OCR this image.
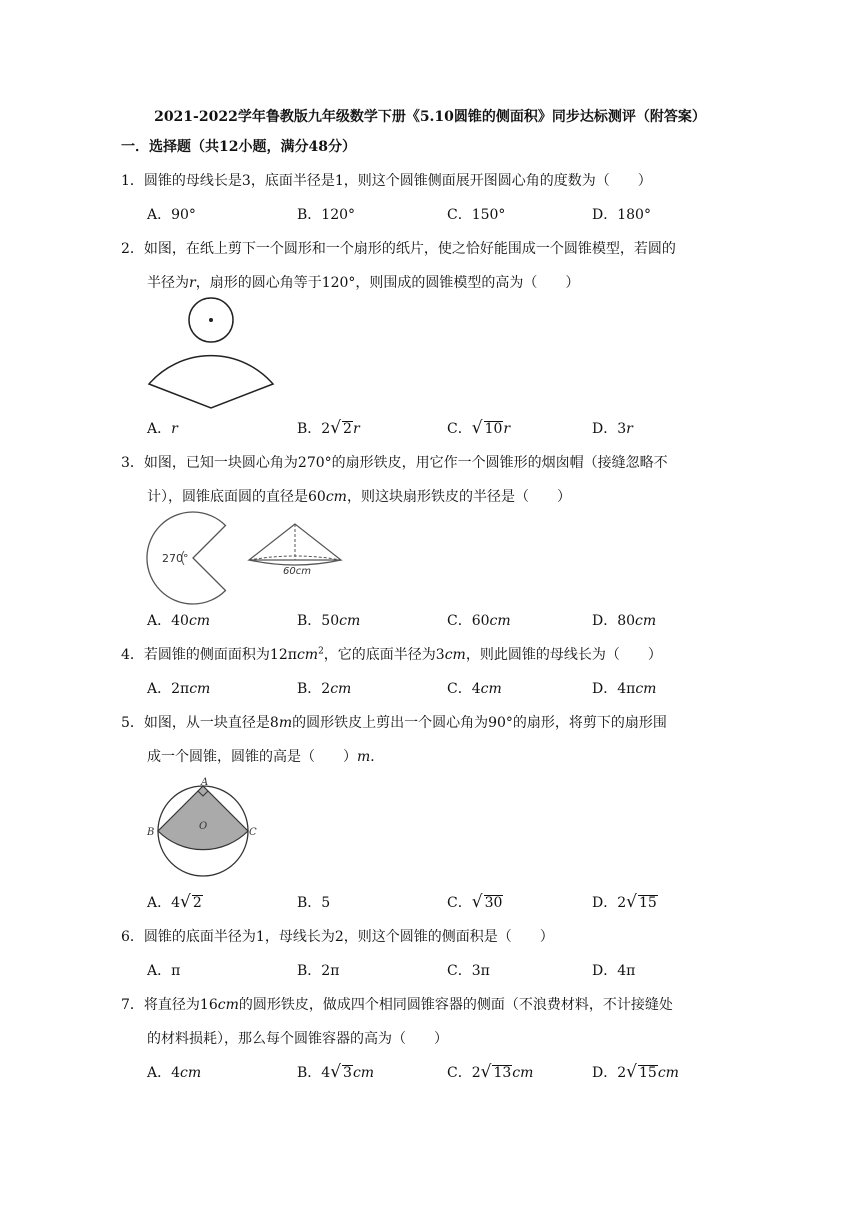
2021-2022学年鲁教版九年级数学下册《5.10圆锥的侧面积》同步达标测评（附答案）
一．选择题（共12小题，满分48分）
1．圆锥的母线长是3，底面半径是1，则这个圆锥侧面展开图圆心角的度数为（　　）
A．90°	B．120°	C．150°	D．180°
2．如图，在纸上剪下一个圆形和一个扇形的纸片，使之恰好能围成一个圆锥模型，若圆的
半径为r，扇形的圆心角等于120°，则围成的圆锥模型的高为（　　）
A．r	B．2√ 2r	C．√ 10r	D．3r
3．如图，已知一块圆心角为270°的扇形铁皮，用它作一个圆锥形的烟囱帽（接缝忽略不
计），圆锥底面圆的直径是60cm，则这块扇形铁皮的半径是（　　）
270°
60cm
A．40cm	B．50cm	C．60cm	D．80cm
4．若圆锥的侧面面积为12πcm$^2$，它的底面半径为3cm，则此圆锥的母线长为（　　）
A．2πcm	B．2cm	C．4cm	D．4πcm
5．如图，从一块直径是8m的圆形铁皮上剪出一个圆心角为90°的扇形，将剪下的扇形围
成一个圆锥，圆锥的高是（　　）m．
A
B	C
O
A．4√ 2	B．5	C．√ 30	D．2√ 15
6．圆锥的底面半径为1，母线长为2，则这个圆锥的侧面积是（　　）
A．π	B．2π	C．3π	D．4π
7．将直径为16cm的圆形铁皮，做成四个相同圆锥容器的侧面（不浪费材料，不计接缝处
的材料损耗），那么每个圆锥容器的高为（　　）
A．4cm	B．4√ 3cm	C．2√ 13cm	D．2√ 15cm
